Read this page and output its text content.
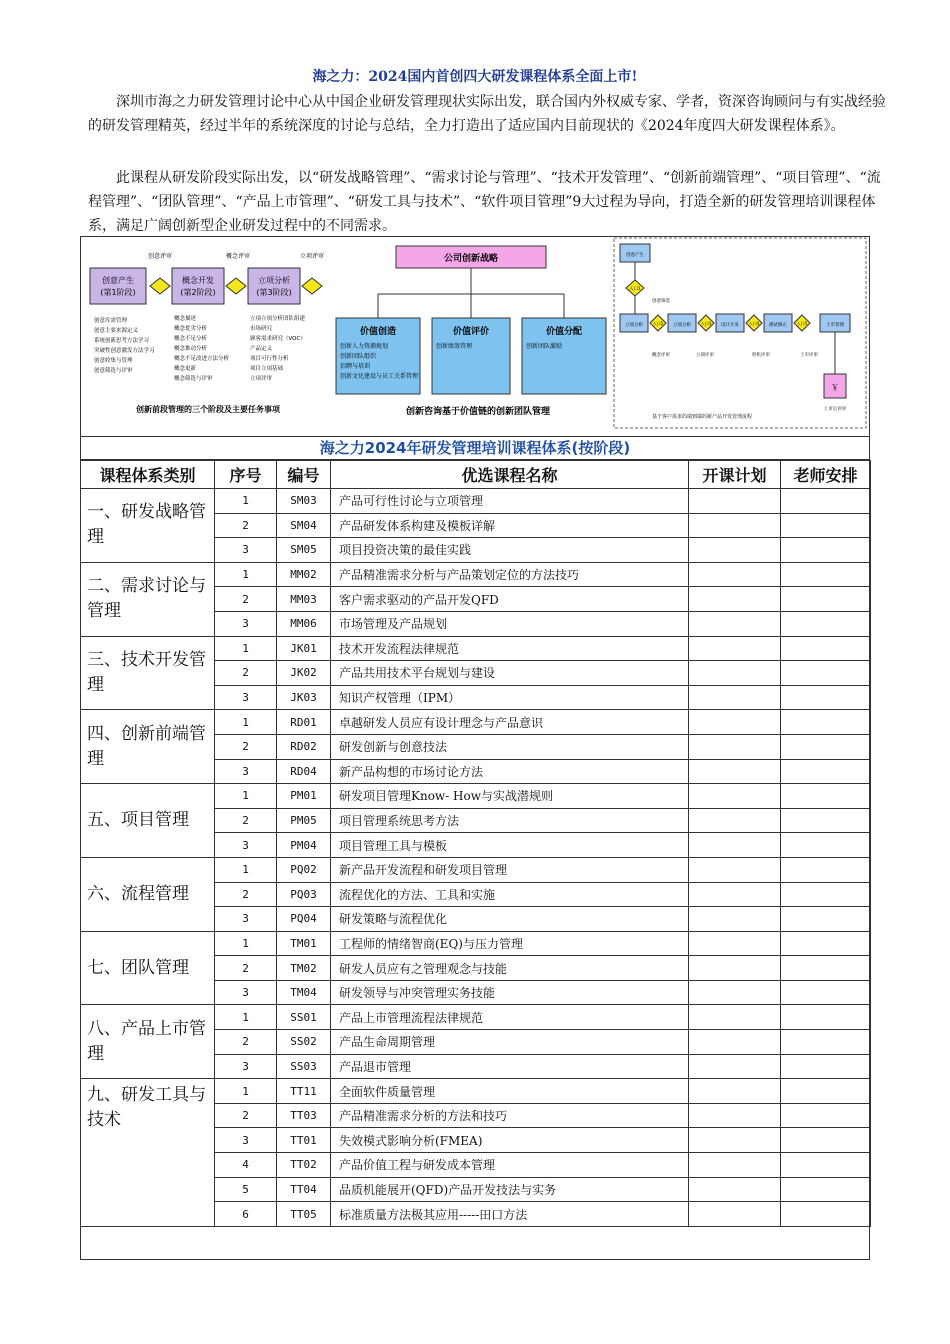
海之力：2024国内首创四大研发课程体系全面上市!
深圳市海之力研发管理讨论中心从中国企业研发管理现状实际出发，联合国内外权威专家、学者，资深咨询顾问与有实战经验的研发管理精英，经过半年的系统深度的讨论与总结，全力打造出了适应国内目前现状的《2024年度四大研发课程体系》。
此课程从研发阶段实际出发，以“研发战略管理”、“需求讨论与管理”、“技术开发管理”、“创新前端管理”、“项目管理”、“流程管理”、“团队管理”、“产品上市管理”、“研发工具与技术”、“软件项目管理”9大过程为导向，打造全新的研发管理培训课程体系，满足广阔创新型企业研发过程中的不同需求。
创意评审	概念评审	立项评审
创意产生
(第1阶段)
概念开发
(第2阶段)
立项分析
(第3阶段)
创意库需管理
创意主要来源定义
系统创新思考方法学习
突破性创意激发方法学习
创意收集与管理
创意筛选与评审
概念描述
概念优劣分析
概念不足分析
概念推动分析
概念不足改进方法分析
概念更新
概念筛选与评审
立项立项分析团队组建
市场研究
顾客需求研究（VOC）
产品定义
项目可行性分析
项目立项基础
立项评审
创新前段管理的三个阶段及主要任务事项
公司创新战略
价值创造
创新人力资源规划
创新团队组织
招聘与培训
创新文化建设与员工关系管理
价值评价
创新绩效管理
价值分配
创新团队激励
创新咨询基于价值链的创新团队管理
创意产生
入口1
创意筛选
立项分析 入口2 立项分析 入口3 设计开发 入口4 测试修正 入口5	上市管理
概念评审	立项评审	样机评审	上市评审
￥
上市后评审
基于客户需求的端到端的新产品开发管理流程
海之力2024年研发管理培训课程体系(按阶段)
课程体系类别	序号	编号	优选课程名称	开课计划	老师安排
一、研发战略管理	1	SM03	产品可行性讨论与立项管理		
	2	SM04	产品研发体系构建及模板详解		
	3	SM05	项目投资决策的最佳实践		
二、需求讨论与管理	1	MM02	产品精准需求分析与产品策划定位的方法技巧		
	2	MM03	客户需求驱动的产品开发QFD		
	3	MM06	市场管理及产品规划		
三、技术开发管理	1	JK01	技术开发流程法律规范		
	2	JK02	产品共用技术平台规划与建设		
	3	JK03	知识产权管理（IPM）		
四、创新前端管理	1	RD01	卓越研发人员应有设计理念与产品意识		
	2	RD02	研发创新与创意技法		
	3	RD04	新产品构想的市场讨论方法		
五、项目管理	1	PM01	研发项目管理Know- How与实战潜规则		
	2	PM05	项目管理系统思考方法		
	3	PM04	项目管理工具与模板		
六、流程管理	1	PQ02	新产品开发流程和研发项目管理		
	2	PQ03	流程优化的方法、工具和实施		
	3	PQ04	研发策略与流程优化		
七、团队管理	1	TM01	工程师的情绪智商(EQ)与压力管理		
	2	TM02	研发人员应有之管理观念与技能		
	3	TM04	研发领导与冲突管理实务技能		
八、产品上市管理	1	SS01	产品上市管理流程法律规范		
	2	SS02	产品生命周期管理		
	3	SS03	产品退市管理		
九、研发工具与技术	1	TT11	全面软件质量管理		
	2	TT03	产品精准需求分析的方法和技巧		
	3	TT01	失效模式影响分析(FMEA)		
	4	TT02	产品价值工程与研发成本管理		
	5	TT04	品质机能展开(QFD)产品开发技法与实务		
	6	TT05	标准质量方法极其应用-----田口方法		
